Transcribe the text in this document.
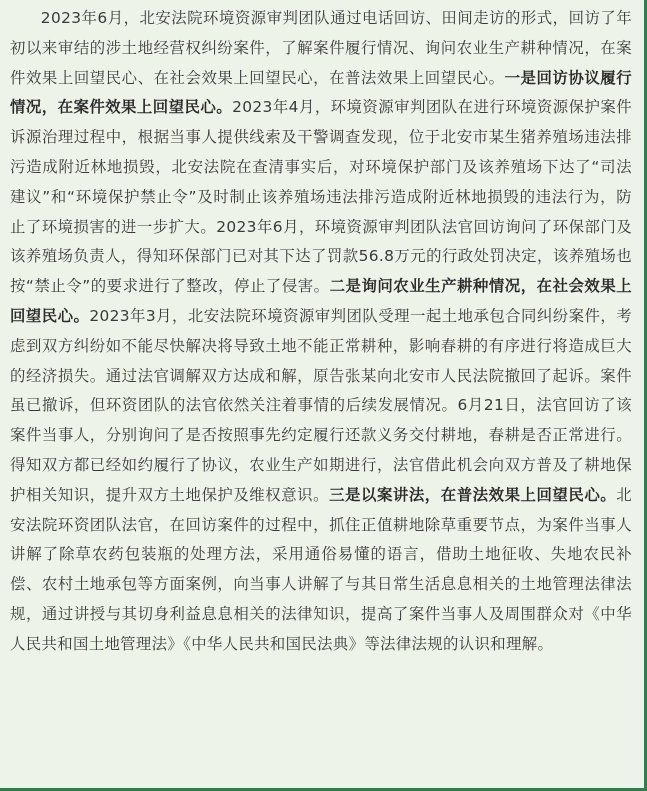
2023年6月，北安法院环境资源审判团队通过电话回访、田间走访的形式，回访了年初以来审结的涉土地经营权纠纷案件，了解案件履行情况、询问农业生产耕种情况，在案件效果上回望民心、在社会效果上回望民心，在普法效果上回望民心。一是回访协议履行情况，在案件效果上回望民心。2023年4月，环境资源审判团队在进行环境资源保护案件诉源治理过程中，根据当事人提供线索及干警调查发现，位于北安市某生猪养殖场违法排污造成附近林地损毁，北安法院在查清事实后，对环境保护部门及该养殖场下达了“司法建议”和“环境保护禁止令”及时制止该养殖场违法排污造成附近林地损毁的违法行为，防止了环境损害的进一步扩大。2023年6月，环境资源审判团队法官回访询问了环保部门及该养殖场负责人，得知环保部门已对其下达了罚款56.8万元的行政处罚决定，该养殖场也按“禁止令”的要求进行了整改，停止了侵害。二是询问农业生产耕种情况，在社会效果上回望民心。2023年3月，北安法院环境资源审判团队受理一起土地承包合同纠纷案件，考虑到双方纠纷如不能尽快解决将导致土地不能正常耕种，影响春耕的有序进行将造成巨大的经济损失。通过法官调解双方达成和解，原告张某向北安市人民法院撤回了起诉。案件虽已撤诉，但环资团队的法官依然关注着事情的后续发展情况。6月21日，法官回访了该案件当事人，分别询问了是否按照事先约定履行还款义务交付耕地，春耕是否正常进行。得知双方都已经如约履行了协议，农业生产如期进行，法官借此机会向双方普及了耕地保护相关知识，提升双方土地保护及维权意识。三是以案讲法，在普法效果上回望民心。北安法院环资团队法官，在回访案件的过程中，抓住正值耕地除草重要节点，为案件当事人讲解了除草农药包装瓶的处理方法，采用通俗易懂的语言，借助土地征收、失地农民补偿、农村土地承包等方面案例，向当事人讲解了与其日常生活息息相关的土地管理法律法规，通过讲授与其切身利益息息相关的法律知识，提高了案件当事人及周围群众对《中华人民共和国土地管理法》《中华人民共和国民法典》等法律法规的认识和理解。
